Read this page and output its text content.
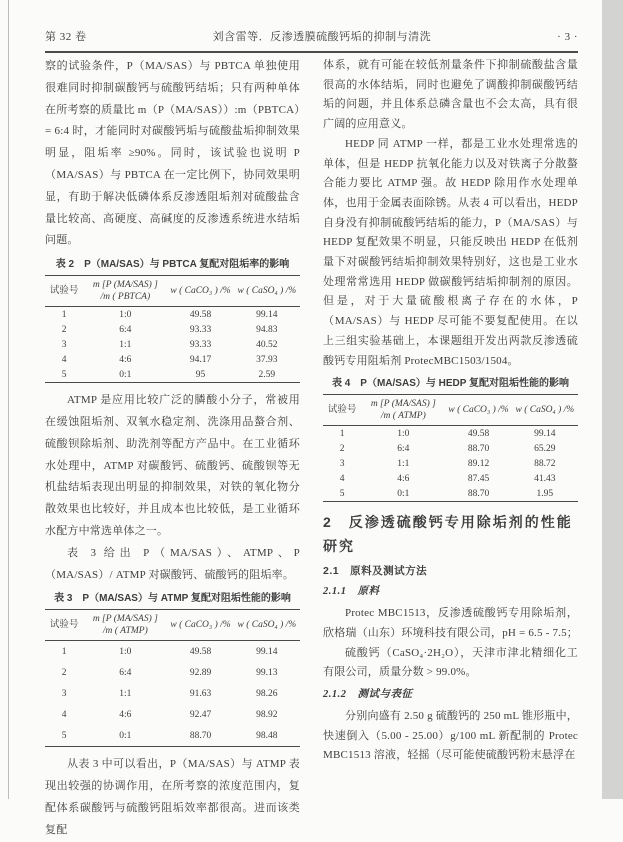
第 32 卷	刘含雷等．反渗透膜硫酸钙垢的抑制与清洗	· 3 ·

察的试验条件，P（MA/SAS）与 PBTCA 单独使用很难同时抑制碳酸钙与硫酸钙结垢；只有两种单体在所考察的质量比 m（P（MA/SAS））:m（PBTCA）= 6:4 时，才能同时对碳酸钙垢与硫酸盐垢抑制效果明显，阻垢率 ≥90%。同时，该试验也说明 P（MA/SAS）与 PBTCA 在一定比例下，协同效果明显，有助于解决低磷体系反渗透阻垢剂对硫酸盐含量比较高、高硬度、高碱度的反渗透系统进水结垢问题。

表 2　P（MA/SAS）与 PBTCA 复配对阻垢率的影响

试验号	m [P (MA/SAS) ]
/m ( PBTCA)	w ( CaCO₃ ) /%	w ( CaSO₄ ) /%
1	1:0	49.58	99.14
2	6:4	93.33	94.83
3	1:1	93.33	40.52
4	4:6	94.17	37.93
5	0:1	95	2.59

ATMP 是应用比较广泛的膦酸小分子，常被用在缓蚀阻垢剂、双氧水稳定剂、洗涤用品螯合剂、硫酸钡除垢剂、助洗剂等配方产品中。在工业循环水处理中，ATMP 对碳酸钙、硫酸钙、硫酸钡等无机盐结垢表现出明显的抑制效果，对铁的氧化物分散效果也比较好，并且成本也比较低，是工业循环水配方中常选单体之一。

表 3 给出 P（MA/SAS）、ATMP、P（MA/SAS）/ ATMP 对碳酸钙、硫酸钙的阻垢率。

表 3　P（MA/SAS）与 ATMP 复配对阻垢性能的影响

试验号	m [P (MA/SAS) ]
/m ( ATMP)	w ( CaCO₃ ) /%	w ( CaSO₄ ) /%
1	1:0	49.58	99.14
2	6:4	92.89	99.13
3	1:1	91.63	98.26
4	4:6	92.47	98.92
5	0:1	88.70	98.48

从表 3 中可以看出，P（MA/SAS）与 ATMP 表现出较强的协调作用，在所考察的浓度范围内，复配体系碳酸钙与硫酸钙阻垢效率都很高。进而该类复配

体系，就有可能在较低剂量条件下抑制硫酸盐含量很高的水体结垢，同时也避免了调酸抑制碳酸钙结垢的问题，并且体系总磷含量也不会太高，具有很广阔的应用意义。

HEDP 同 ATMP 一样，都是工业水处理常选的单体，但是 HEDP 抗氧化能力以及对铁离子分散螯合能力要比 ATMP 强。故 HEDP 除用作水处理单体，也用于金属表面除锈。从表 4 可以看出，HEDP 自身没有抑制硫酸钙结垢的能力，P（MA/SAS）与 HEDP 复配效果不明显，只能反映出 HEDP 在低剂量下对碳酸钙结垢抑制效果特别好，这也是工业水处理常常选用 HEDP 做碳酸钙结垢抑制剂的原因。但是，对于大量硫酸根离子存在的水体，P（MA/SAS）与 HEDP 尽可能不要复配使用。在以上三组实验基础上，本课题组开发出两款反渗透硫酸钙专用阻垢剂 ProtecMBC1503/1504。

表 4　P（MA/SAS）与 HEDP 复配对阻垢性能的影响

试验号	m [P (MA/SAS) ]
/m ( ATMP)	w ( CaCO₃ ) /%	w ( CaSO₄ ) /%
1	1:0	49.58	99.14
2	6:4	88.70	65.29
3	1:1	89.12	88.72
4	4:6	87.45	41.43
5	0:1	88.70	1.95
2　反渗透硫酸钙专用除垢剂的性能研究
2.1　原料及测试方法
2.1.1　原料

Protec MBC1513，反渗透硫酸钙专用除垢剂，欣格瑞（山东）环境科技有限公司，pH = 6.5 - 7.5；

硫酸钙（CaSO₄·2H₂O），天津市津北精细化工有限公司，质量分数 > 99.0%。

2.1.2　测试与表征

分别向盛有 2.50 g 硫酸钙的 250 mL 锥形瓶中，快速倒入（5.00 - 25.00）g/100 mL 新配制的 Protec MBC1513 溶液，轻摇（尽可能使硫酸钙粉末悬浮在
